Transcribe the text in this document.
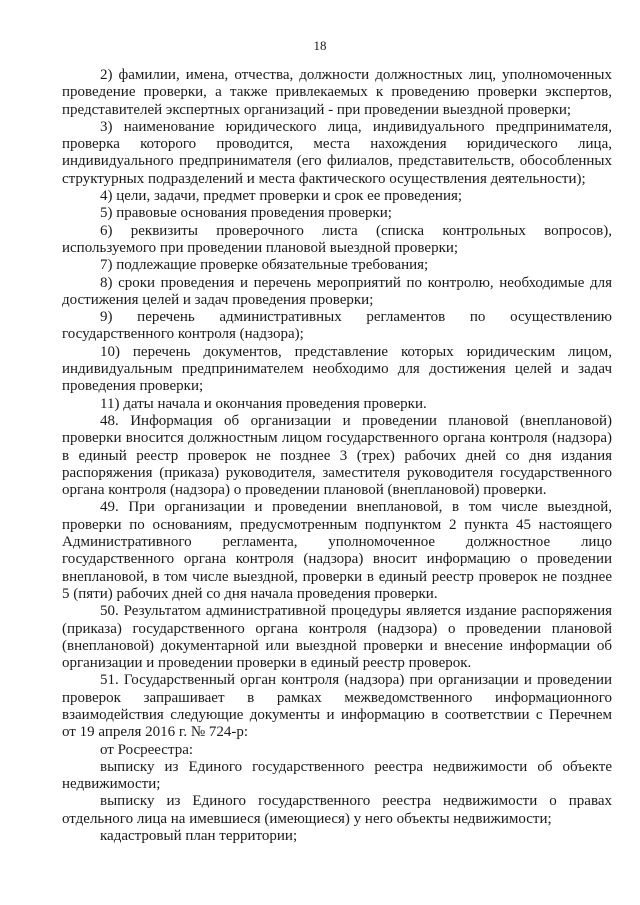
18
2) фамилии, имена, отчества, должности должностных лиц, уполномоченных
проведение проверки, а также привлекаемых к проведению проверки экспертов,
представителей экспертных организаций - при проведении выездной проверки;
3) наименование юридического лица, индивидуального предпринимателя,
проверка которого проводится, места нахождения юридического лица,
индивидуального предпринимателя (его филиалов, представительств, обособленных
структурных подразделений и места фактического осуществления деятельности);
4) цели, задачи, предмет проверки и срок ее проведения;
5) правовые основания проведения проверки;
6) реквизиты проверочного листа (списка контрольных вопросов),
используемого при проведении плановой выездной проверки;
7) подлежащие проверке обязательные требования;
8) сроки проведения и перечень мероприятий по контролю, необходимые для
достижения целей и задач проведения проверки;
9) перечень административных регламентов по осуществлению
государственного контроля (надзора);
10) перечень документов, представление которых юридическим лицом,
индивидуальным предпринимателем необходимо для достижения целей и задач
проведения проверки;
11) даты начала и окончания проведения проверки.
48. Информация об организации и проведении плановой (внеплановой)
проверки вносится должностным лицом государственного органа контроля (надзора)
в единый реестр проверок не позднее 3 (трех) рабочих дней со дня издания
распоряжения (приказа) руководителя, заместителя руководителя государственного
органа контроля (надзора) о проведении плановой (внеплановой) проверки.
49. При организации и проведении внеплановой, в том числе выездной,
проверки по основаниям, предусмотренным подпунктом 2 пункта 45 настоящего
Административного регламента, уполномоченное должностное лицо
государственного органа контроля (надзора) вносит информацию о проведении
внеплановой, в том числе выездной, проверки в единый реестр проверок не позднее
5 (пяти) рабочих дней со дня начала проведения проверки.
50. Результатом административной процедуры является издание распоряжения
(приказа) государственного органа контроля (надзора) о проведении плановой
(внеплановой) документарной или выездной проверки и внесение информации об
организации и проведении проверки в единый реестр проверок.
51. Государственный орган контроля (надзора) при организации и проведении
проверок запрашивает в рамках межведомственного информационного
взаимодействия следующие документы и информацию в соответствии с Перечнем
от 19 апреля 2016 г. № 724-р:
от Росреестра:
выписку из Единого государственного реестра недвижимости об объекте
недвижимости;
выписку из Единого государственного реестра недвижимости о правах
отдельного лица на имевшиеся (имеющиеся) у него объекты недвижимости;
кадастровый план территории;
